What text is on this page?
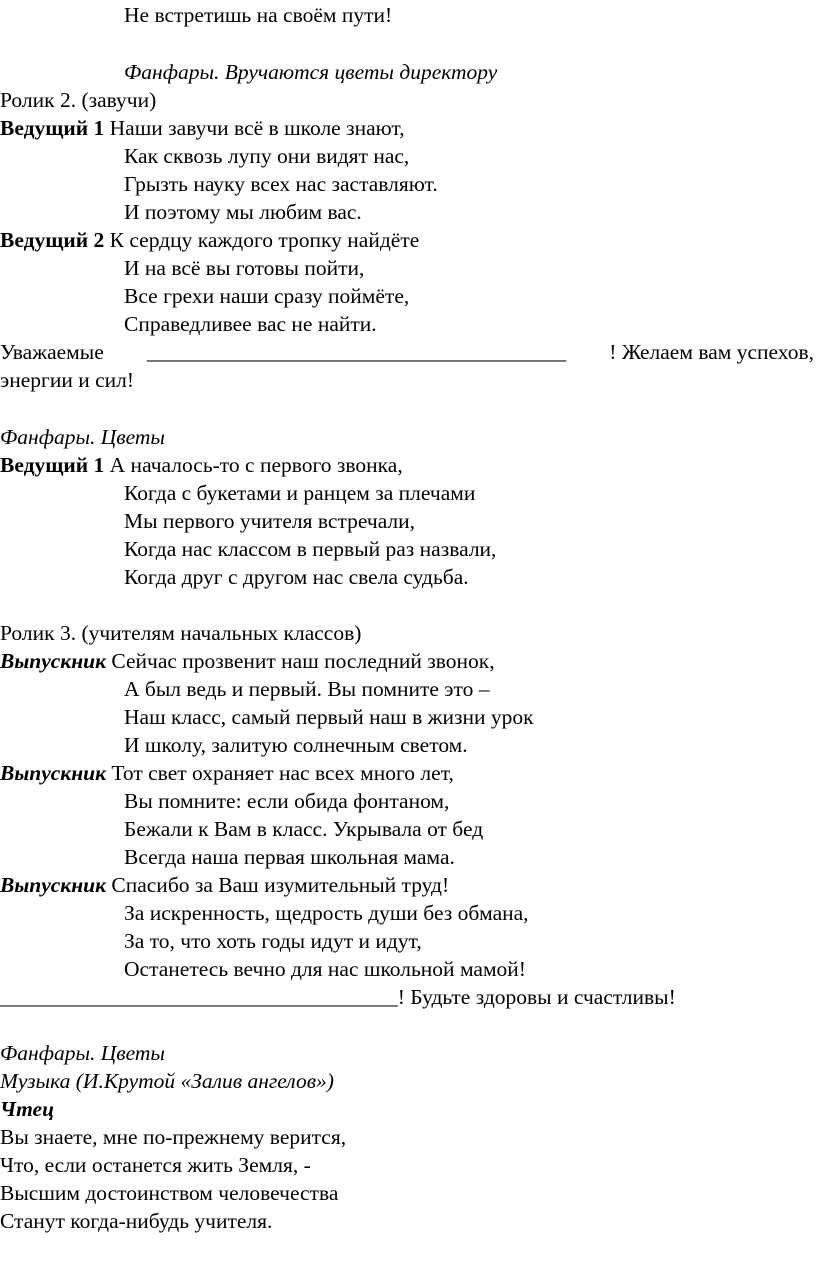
Не встретишь на своём пути!
Фанфары. Вручаются цветы директору
Ролик 2. (завучи)
Ведущий 1 Наши завучи всё в школе знают,
Как сквозь лупу они видят нас,
Грызть науку всех нас заставляют.
И поэтому мы любим вас.
Ведущий 2 К сердцу каждого тропку найдёте
И на всё вы готовы пойти,
Все грехи наши сразу поймёте,
Справедливее вас не найти.
Уважаемые _______________________________________ ! Желаем вам успехов,
энергии и сил!
Фанфары. Цветы
Ведущий 1 А началось-то с первого звонка,
Когда с букетами и ранцем за плечами
Мы первого учителя встречали,
Когда нас классом в первый раз назвали,
Когда друг с другом нас свела судьба.
Ролик 3. (учителям начальных классов)
Выпускник Сейчас прозвенит наш последний звонок,
А был ведь и первый. Вы помните это –
Наш класс, самый первый наш в жизни урок
И школу, залитую солнечным светом.
Выпускник Тот свет охраняет нас всех много лет,
Вы помните: если обида фонтаном,
Бежали к Вам в класс. Укрывала от бед
Всегда наша первая школьная мама.
Выпускник Спасибо за Ваш изумительный труд!
За искренность, щедрость души без обмана,
За то, что хоть годы идут и идут,
Останетесь вечно для нас школьной мамой!
_____________________________________! Будьте здоровы и счастливы!
Фанфары. Цветы
Музыка (И.Крутой «Залив ангелов»)
Чтец
Вы знаете, мне по-прежнему верится,
Что, если останется жить Земля, -
Высшим достоинством человечества
Станут когда-нибудь учителя.
